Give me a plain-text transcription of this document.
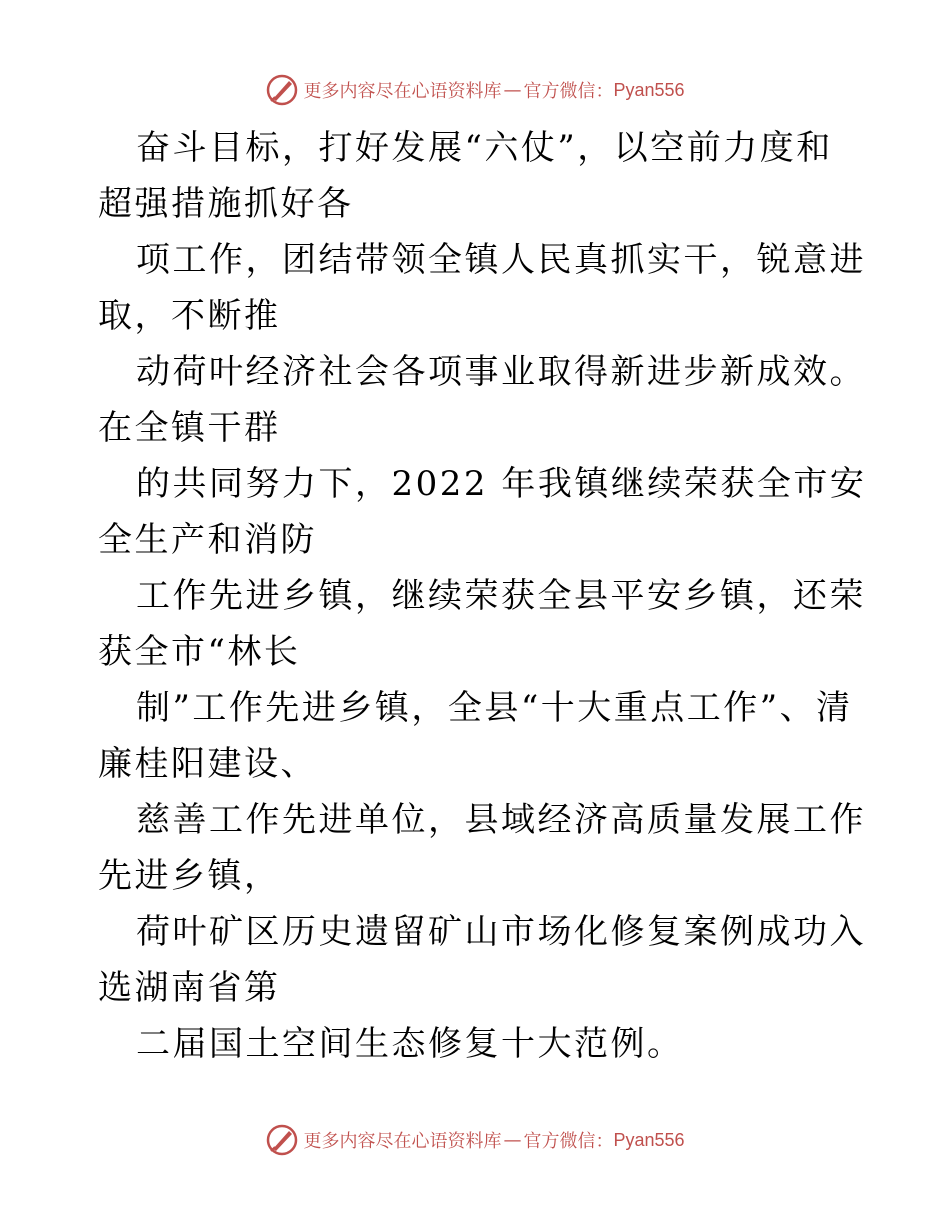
更多内容尽在心语资料库 — 官方微信： Pyan556

奋斗目标，打好发展“六仗”，以空前力度和超强措施抓好各

项工作，团结带领全镇人民真抓实干，锐意进取，不断推

动荷叶经济社会各项事业取得新进步新成效。在全镇干群

的共同努力下，2022 年我镇继续荣获全市安全生产和消防

工作先进乡镇，继续荣获全县平安乡镇，还荣获全市“林长

制”工作先进乡镇，全县“十大重点工作”、清廉桂阳建设、

慈善工作先进单位，县域经济高质量发展工作先进乡镇，

荷叶矿区历史遗留矿山市场化修复案例成功入选湖南省第

二届国土空间生态修复十大范例。

更多内容尽在心语资料库 — 官方微信： Pyan556
